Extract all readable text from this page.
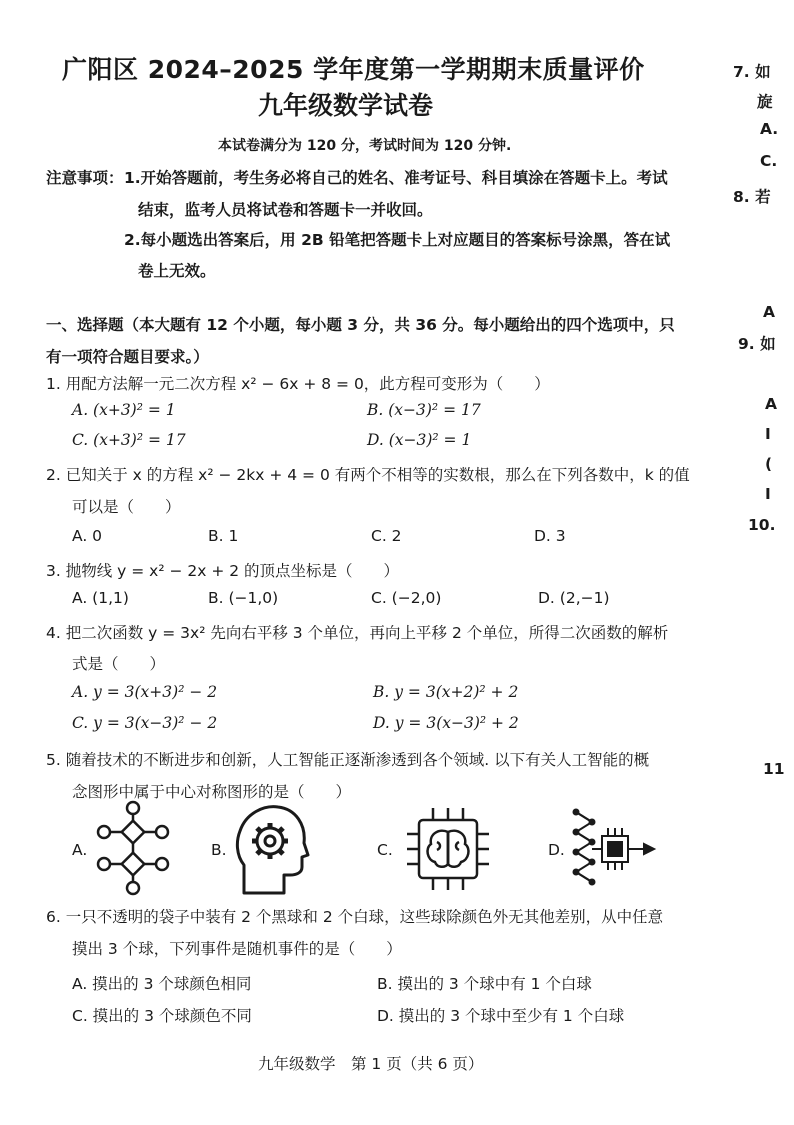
广阳区 2024–2025 学年度第一学期期末质量评价
九年级数学试卷
本试卷满分为 120 分，考试时间为 120 分钟.
注意事项： 1.开始答题前，考生务必将自己的姓名、准考证号、科目填涂在答题卡上。考试
结束，监考人员将试卷和答题卡一并收回。
2.每小题选出答案后，用 2B 铅笔把答题卡上对应题目的答案标号涂黑，答在试
卷上无效。
一、选择题（本大题有 12 个小题，每小题 3 分，共 36 分。每小题给出的四个选项中，只
有一项符合题目要求。）
1. 用配方法解一元二次方程 x² − 6x + 8 = 0，此方程可变形为（　　）
A. (x+3)² = 1	B. (x−3)² = 17
C. (x+3)² = 17	D. (x−3)² = 1
2. 已知关于 x 的方程 x² − 2kx + 4 = 0 有两个不相等的实数根，那么在下列各数中，k 的值
可以是（　　）
A. 0	B. 1	C. 2	D. 3
3. 抛物线 y = x² − 2x + 2 的顶点坐标是（　　）
A. (1,1)	B. (−1,0)	C. (−2,0)	D. (2,−1)
4. 把二次函数 y = 3x² 先向右平移 3 个单位，再向上平移 2 个单位，所得二次函数的解析
式是（　　）
A. y = 3(x+3)² − 2	B. y = 3(x+2)² + 2
C. y = 3(x−3)² − 2	D. y = 3(x−3)² + 2
5. 随着技术的不断进步和创新，人工智能正逐渐渗透到各个领域. 以下有关人工智能的概
念图形中属于中心对称图形的是（　　）
A.	B.	C.	D.
6. 一只不透明的袋子中装有 2 个黑球和 2 个白球，这些球除颜色外无其他差别，从中任意
摸出 3 个球，下列事件是随机事件的是（　　）
A. 摸出的 3 个球颜色相同	B. 摸出的 3 个球中有 1 个白球
C. 摸出的 3 个球颜色不同	D. 摸出的 3 个球中至少有 1 个白球
九年级数学　第 1 页（共 6 页）
7. 如
旋
A.
C.
8. 若
A
9. 如
A
I
(
I
10.
11
